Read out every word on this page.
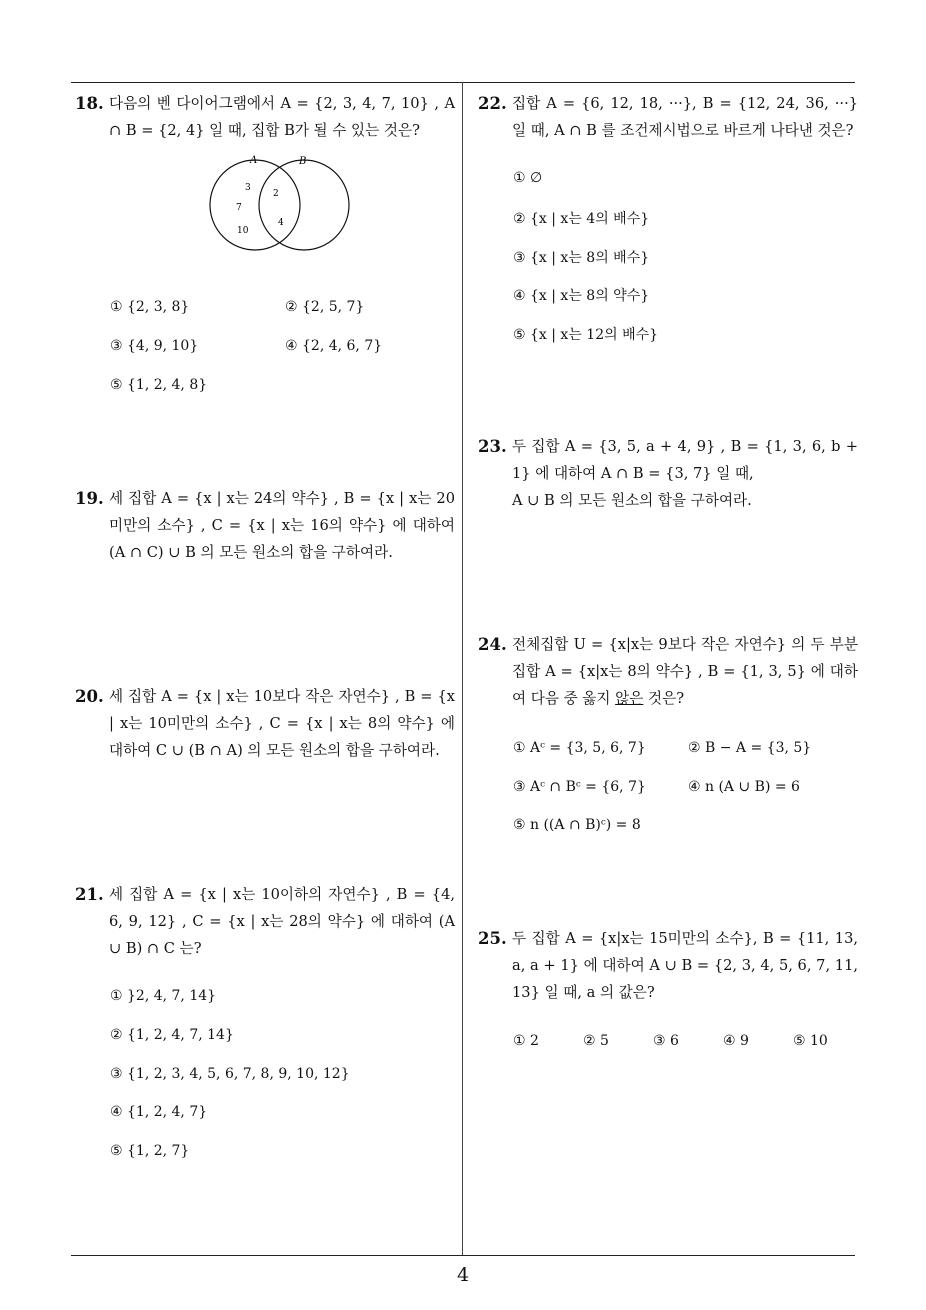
18. 다음의 벤 다이어그램에서 A = {2, 3, 4, 7, 10} , A ∩ B = {2, 4} 일 때, 집합 B가 될 수 있는 것은?
A	B
3
7
10
2
4
① {2, 3, 8}	② {2, 5, 7}
③ {4, 9, 10}	④ {2, 4, 6, 7}
⑤ {1, 2, 4, 8}
19. 세 집합 A = {x | x는 24의 약수} , B = {x | x는 20미만의 소수} , C = {x | x는 16의 약수} 에 대하여 (A ∩ C) ∪ B 의 모든 원소의 합을 구하여라.
20. 세 집합 A = {x | x는 10보다 작은 자연수} , B = {x | x는 10미만의 소수} , C = {x | x는 8의 약수} 에 대하여 C ∪ (B ∩ A) 의 모든 원소의 합을 구하여라.
21. 세 집합 A = {x | x는 10이하의 자연수} , B = {4, 6, 9, 12} , C = {x | x는 28의 약수} 에 대하여 (A ∪ B) ∩ C 는?
① }2, 4, 7, 14}
② {1, 2, 4, 7, 14}
③ {1, 2, 3, 4, 5, 6, 7, 8, 9, 10, 12}
④ {1, 2, 4, 7}
⑤ {1, 2, 7}
22. 집합 A = {6, 12, 18, ···}, B = {12, 24, 36, ···} 일 때, A ∩ B 를 조건제시법으로 바르게 나타낸 것은?
① ∅
② {x | x는 4의 배수}
③ {x | x는 8의 배수}
④ {x | x는 8의 약수}
⑤ {x | x는 12의 배수}
23. 두 집합 A = {3, 5, a + 4, 9} , B = {1, 3, 6, b + 1} 에 대하여 A ∩ B = {3, 7} 일 때,
A ∪ B 의 모든 원소의 합을 구하여라.
24. 전체집합 U = {x|x는 9보다 작은 자연수} 의 두 부분 집합 A = {x|x는 8의 약수} , B = {1, 3, 5} 에 대하여 다음 중 옳지 않은 것은?
① Aᶜ = {3, 5, 6, 7}	② B − A = {3, 5}
③ Aᶜ ∩ Bᶜ = {6, 7}	④ n (A ∪ B) = 6
⑤ n ((A ∩ B)ᶜ) = 8
25. 두 집합 A = {x|x는 15미만의 소수}, B = {11, 13, a, a + 1} 에 대하여 A ∪ B = {2, 3, 4, 5, 6, 7, 11, 13} 일 때, a 의 값은?
① 2	② 5	③ 6	④ 9	⑤ 10
4
